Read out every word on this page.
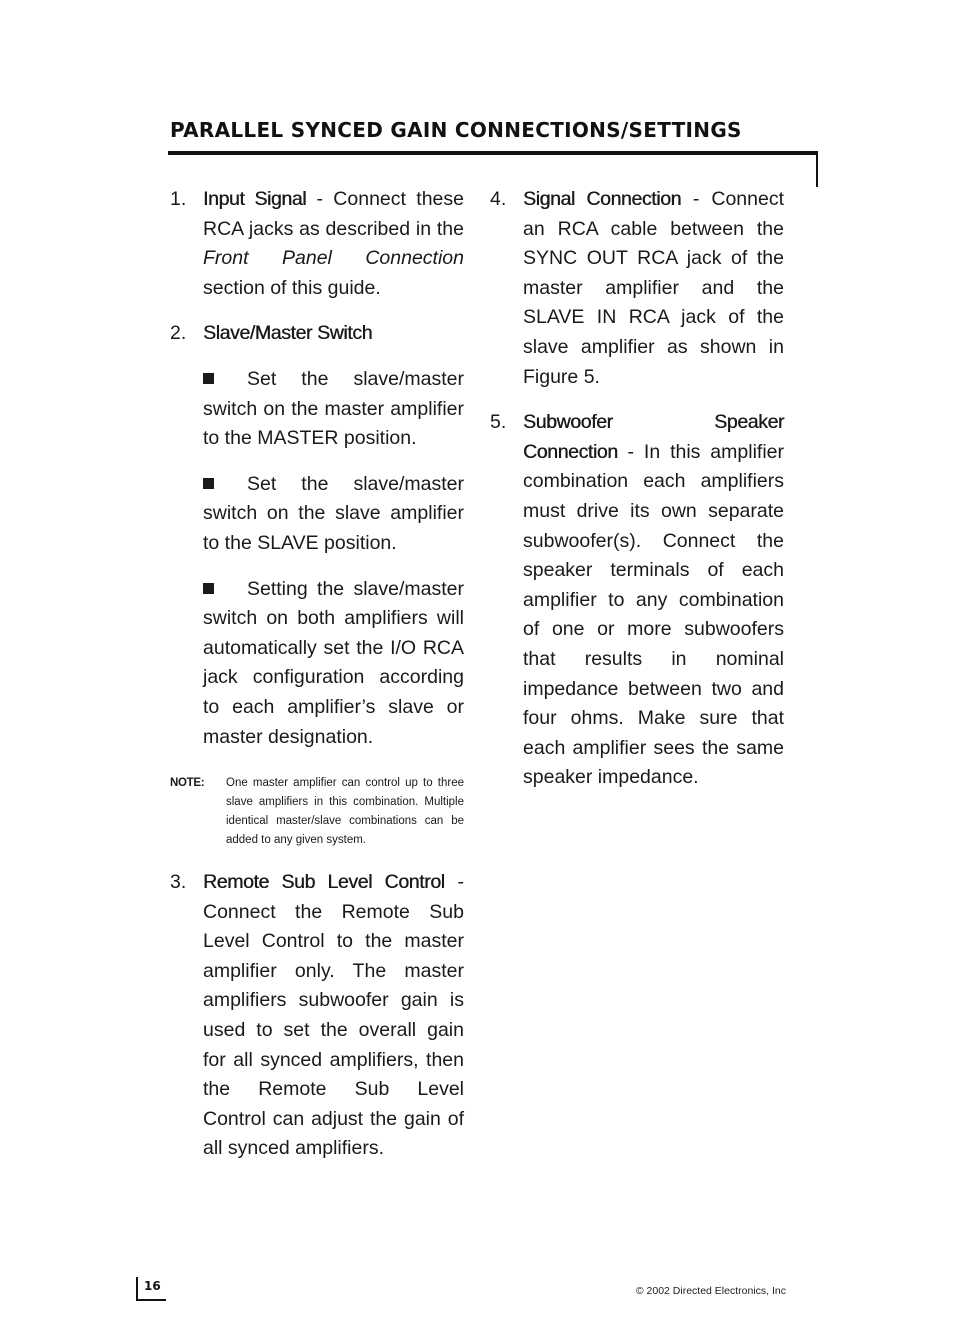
PARALLEL SYNCED GAIN CONNECTIONS/SETTINGS

1. Input Signal - Connect these RCA jacks as described in the Front Panel Connection section of this guide.

2. Slave/Master Switch

Set the slave/master switch on the master amplifier to the MASTER position.

Set the slave/master switch on the slave amplifier to the SLAVE position.

Setting the slave/master switch on both amplifiers will automatically set the I/O RCA jack configuration according to each amplifier’s slave or master designation.

NOTE: One master amplifier can control up to three slave amplifiers in this combination. Multiple identical master/slave combinations can be added to any given system.

3. Remote Sub Level Control - Connect the Remote Sub Level Control to the master amplifier only. The master amplifiers subwoofer gain is used to set the overall gain for all synced amplifiers, then the Remote Sub Level Control can adjust the gain of all synced amplifiers.

4. Signal Connection - Connect an RCA cable between the SYNC OUT RCA jack of the master amplifier and the SLAVE IN RCA jack of the slave amplifier as shown in Figure 5.

5. Subwoofer Speaker Connection - In this amplifier combination each amplifiers must drive its own separate subwoofer(s). Connect the speaker terminals of each amplifier to any combination of one or more subwoofers that results in nominal impedance between two and four ohms. Make sure that each amplifier sees the same speaker impedance.

16	© 2002 Directed Electronics, Inc
